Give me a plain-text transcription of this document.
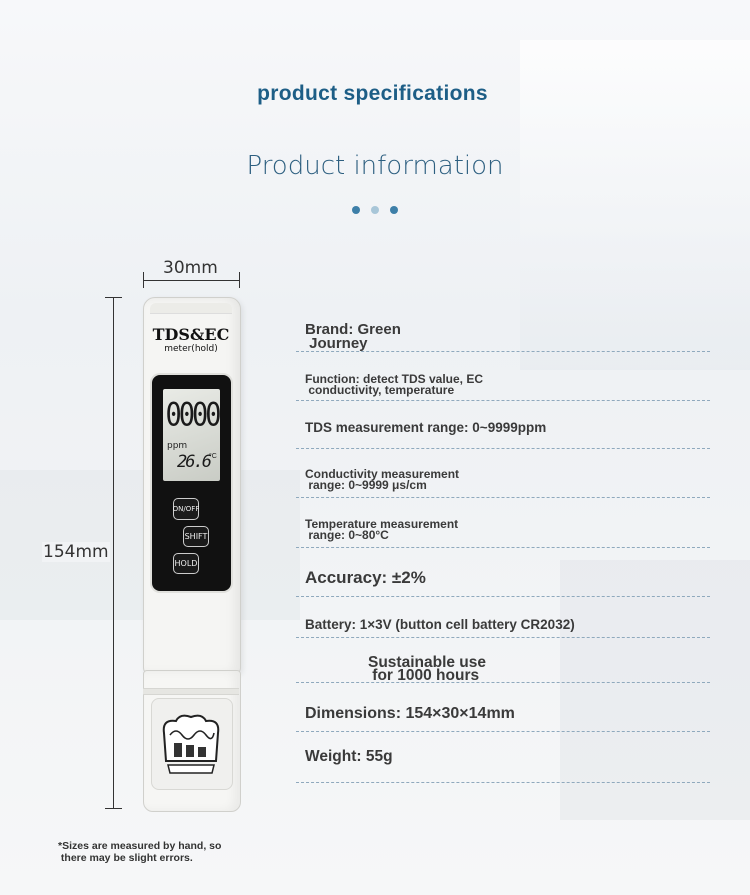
product specifications
Product information
30mm
154mm
TDS&EC
meter(hold)
0000
ppm
26.6 °C
ON/OFF
SHIFT
HOLD
Brand: Green
Journey
Function: detect TDS value, EC
conductivity, temperature
TDS measurement range: 0~9999ppm
Conductivity measurement
range: 0~9999 μs/cm
Temperature measurement
range: 0~80°C
Accuracy: ±2%
Battery: 1×3V (button cell battery CR2032)
Sustainable use
for 1000 hours
Dimensions: 154×30×14mm
Weight: 55g
*Sizes are measured by hand, so
there may be slight errors.
